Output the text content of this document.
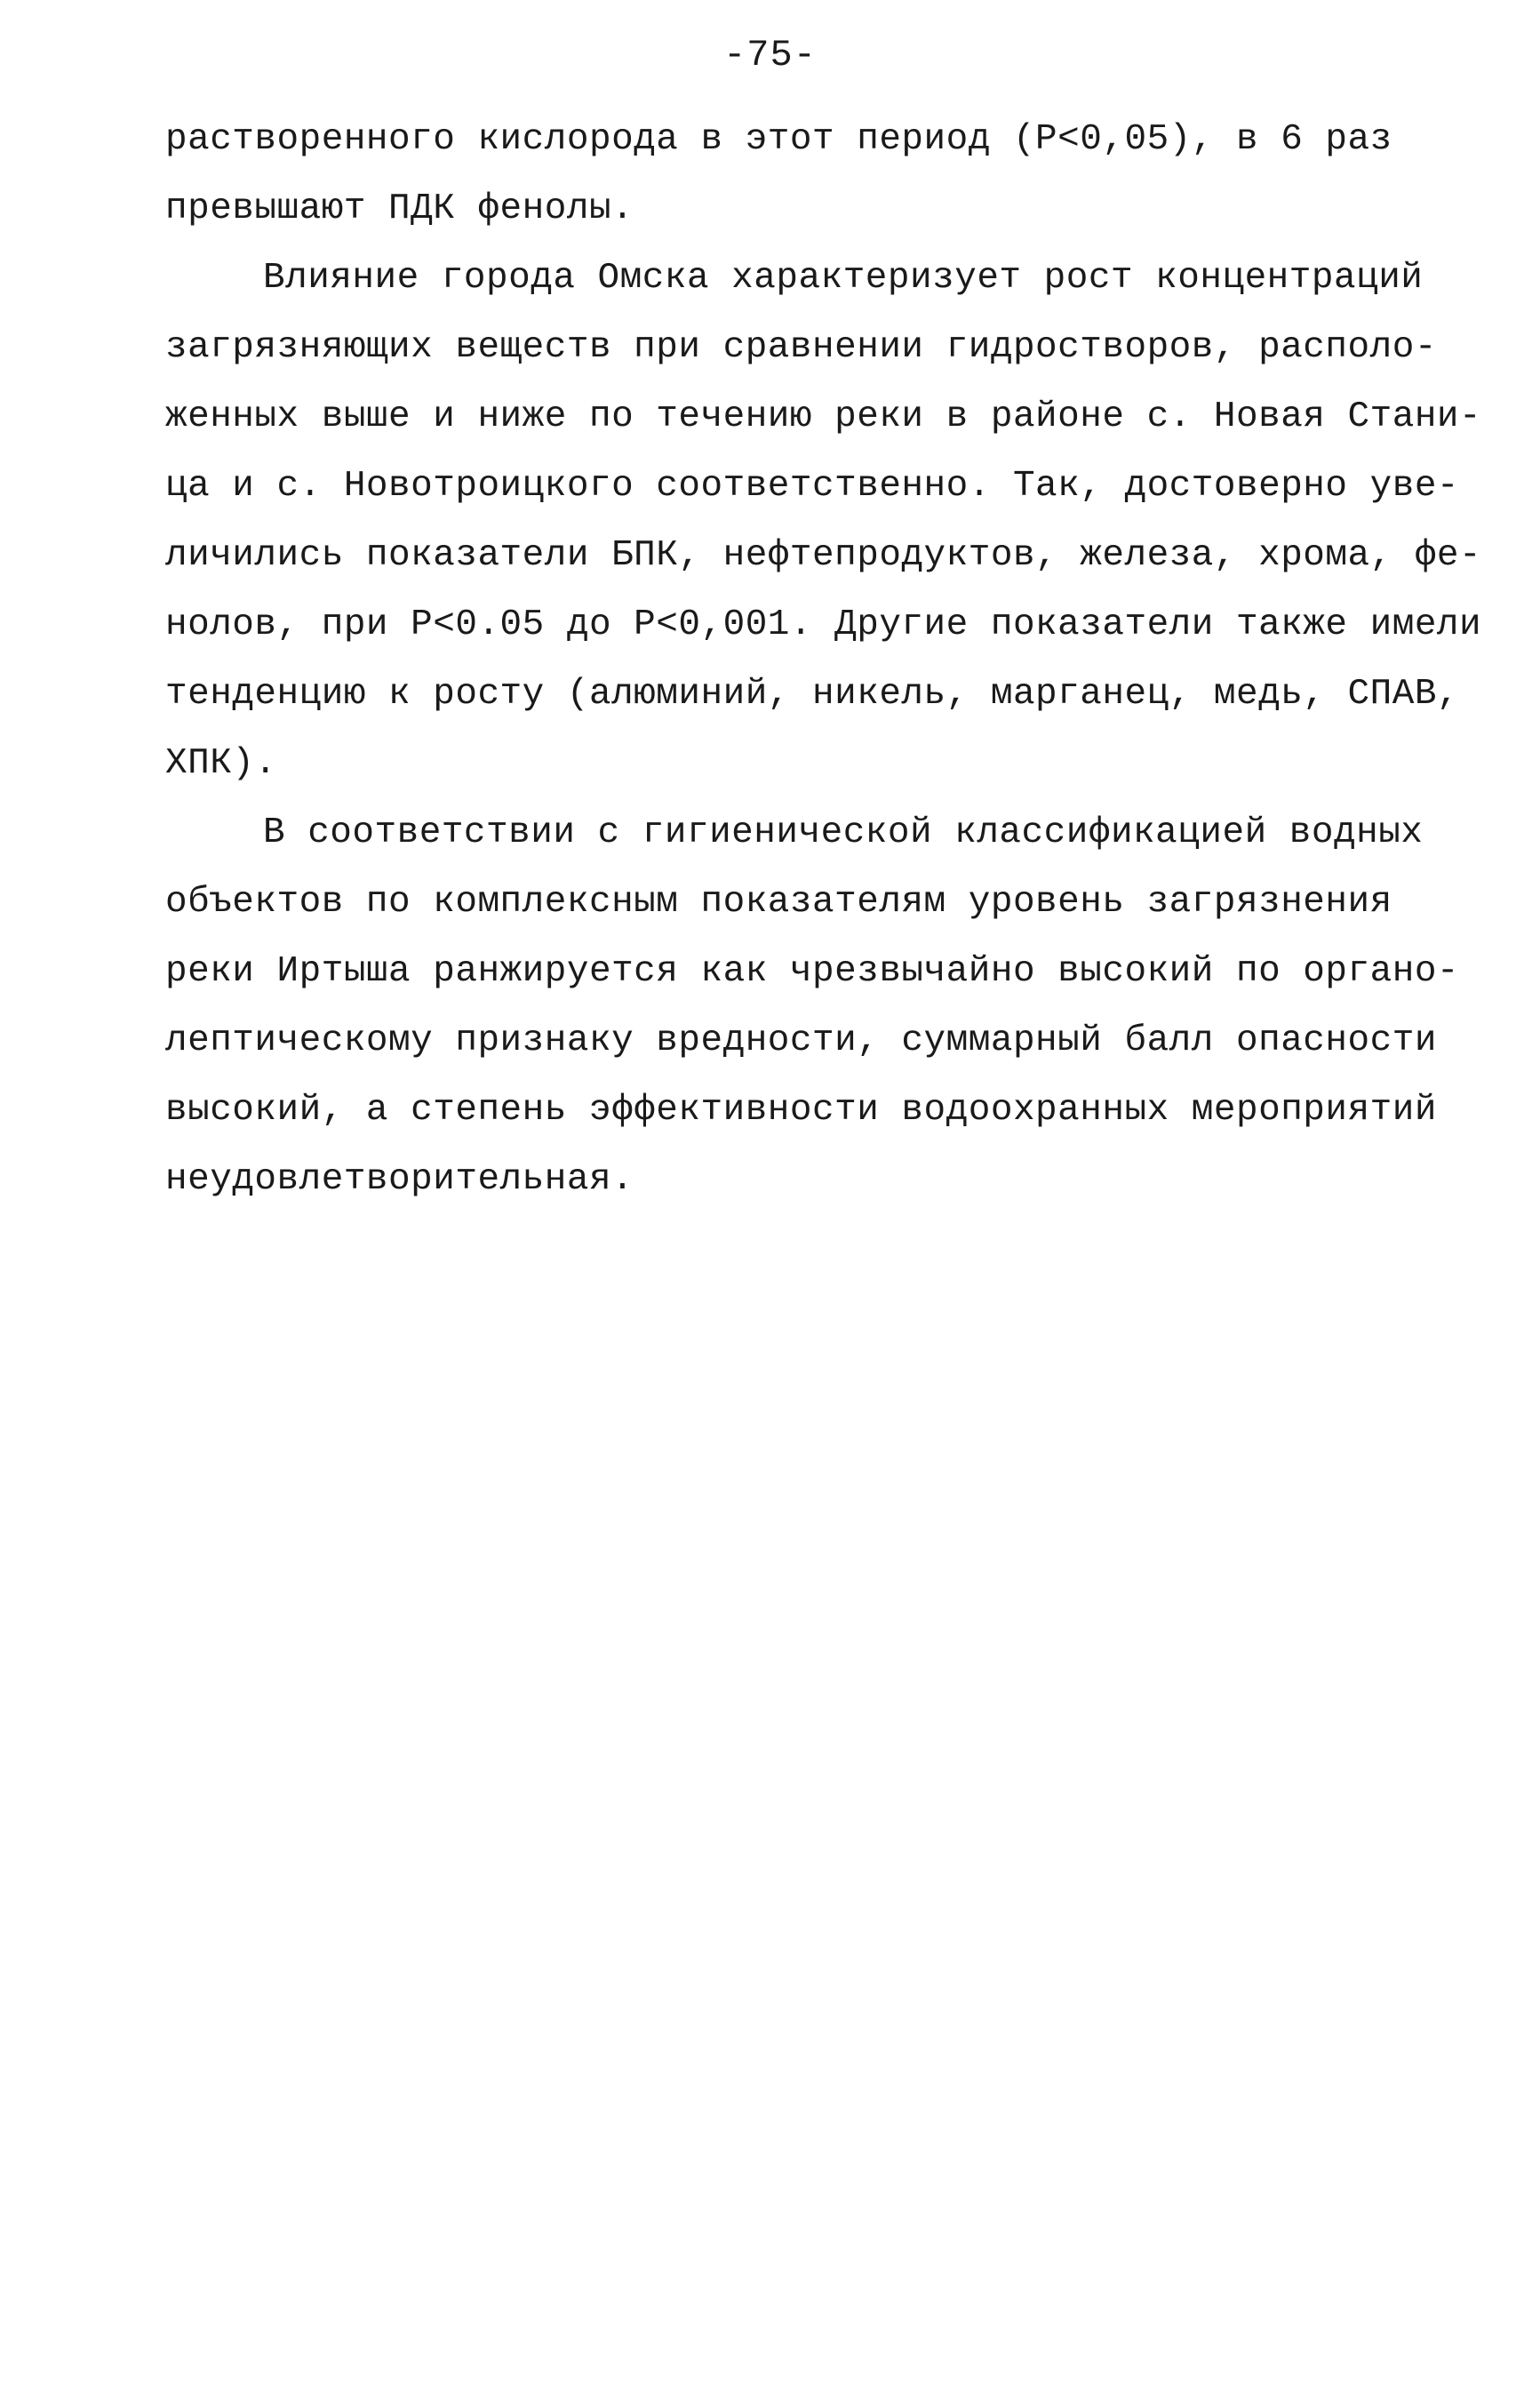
-75-
растворенного кислорода в этот период (Р<0,05), в 6 раз
превышают ПДК фенолы.
Влияние города Омска характеризует рост концентраций
загрязняющих веществ при сравнении гидростворов, располо-
женных выше и ниже по течению реки в районе с. Новая Стани-
ца и с. Новотроицкого соответственно. Так, достоверно уве-
личились показатели БПК, нефтепродуктов, железа, хрома, фе-
нолов, при Р<0.05 до Р<0,001. Другие показатели также имели
тенденцию к росту (алюминий, никель, марганец, медь, СПАВ,
ХПК).
В соответствии с гигиенической классификацией водных
объектов по комплексным показателям уровень загрязнения
реки Иртыша ранжируется как чрезвычайно высокий по органо-
лептическому признаку вредности, суммарный балл опасности
высокий, а степень эффективности водоохранных мероприятий
неудовлетворительная.
